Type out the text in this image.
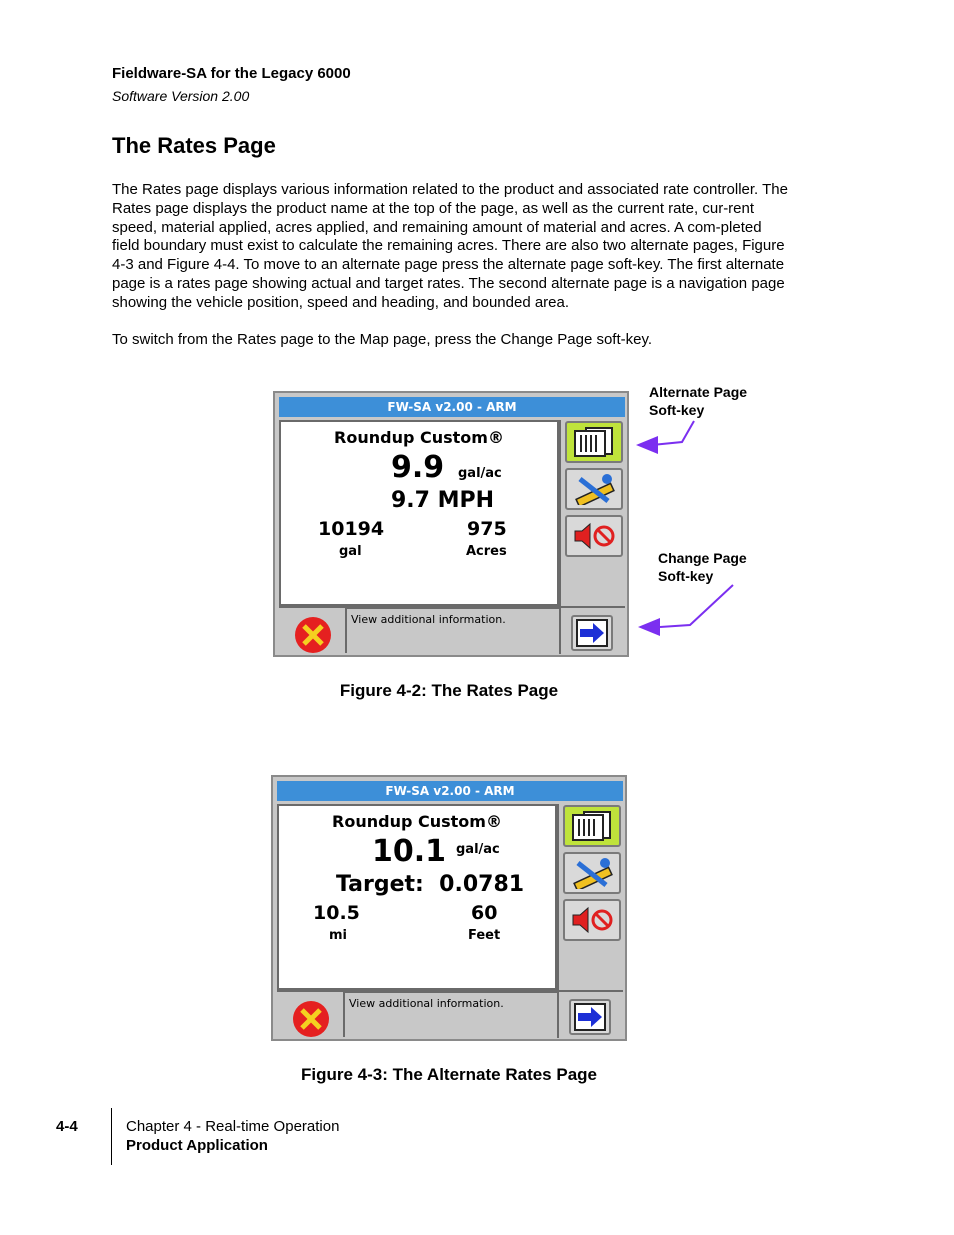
Fieldware-SA for the Legacy 6000
Software Version 2.00
The Rates Page
The Rates page displays various information related to the product and associated rate controller. The Rates page displays the product name at the top of the page, as well as the current rate, cur-rent speed, material applied, acres applied, and remaining amount of material and acres. A com-pleted field boundary must exist to calculate the remaining acres. There are also two alternate pages, Figure 4-3 and Figure 4-4. To move to an alternate page press the alternate page soft-key. The first alternate page is a rates page showing actual and target rates. The second alternate page is a navigation page showing the vehicle position, speed and heading, and bounded area.
To switch from the Rates page to the Map page, press the Change Page soft-key.
FW-SA v2.00 - ARM
Roundup Custom®
9.9 gal/ac
9.7 MPH
10194	975
gal	Acres
View additional information.
Alternate Page
Soft-key
Change Page
Soft-key
Figure 4-2: The Rates Page
FW-SA v2.00 - ARM
Roundup Custom®
10.1 gal/ac
Target:  0.0781
10.5	60
mi	Feet
View additional information.
Figure 4-3: The Alternate Rates Page
4-4	Chapter 4 - Real-time Operation
Product Application
